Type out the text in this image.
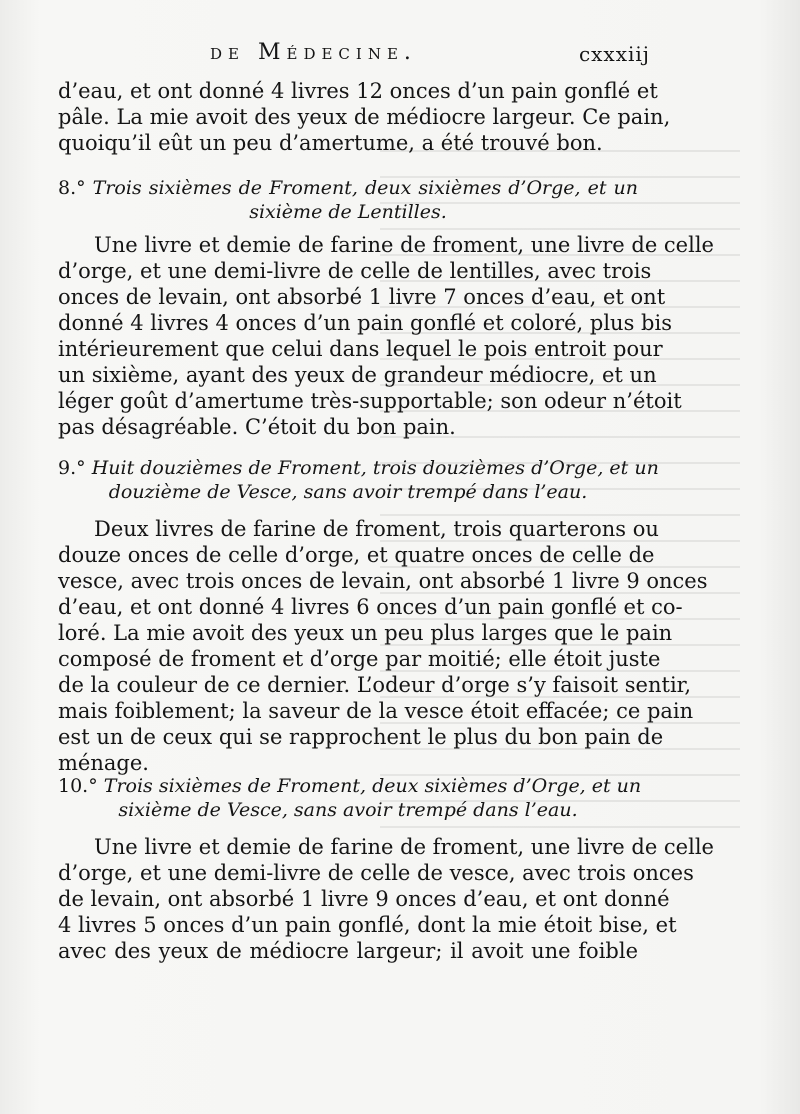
de Médecine.	cxxxiij
d’eau, et ont donné 4 livres 12 onces d’un pain gonflé et
pâle. La mie avoit des yeux de médiocre largeur. Ce pain,
quoiqu’il eût un peu d’amertume, a été trouvé bon.
8.° Trois sixièmes de Froment, deux sixièmes d’Orge, et un
sixième de Lentilles.
Une livre et demie de farine de froment, une livre de celle
d’orge, et une demi-livre de celle de lentilles, avec trois
onces de levain, ont absorbé 1 livre 7 onces d’eau, et ont
donné 4 livres 4 onces d’un pain gonflé et coloré, plus bis
intérieurement que celui dans lequel le pois entroit pour
un sixième, ayant des yeux de grandeur médiocre, et un
léger goût d’amertume très-supportable; son odeur n’étoit
pas désagréable. C’étoit du bon pain.
9.° Huit douzièmes de Froment, trois douzièmes d’Orge, et un
douzième de Vesce, sans avoir trempé dans l’eau.
Deux livres de farine de froment, trois quarterons ou
douze onces de celle d’orge, et quatre onces de celle de
vesce, avec trois onces de levain, ont absorbé 1 livre 9 onces
d’eau, et ont donné 4 livres 6 onces d’un pain gonflé et co-
loré. La mie avoit des yeux un peu plus larges que le pain
composé de froment et d’orge par moitié; elle étoit juste
de la couleur de ce dernier. L’odeur d’orge s’y faisoit sentir,
mais foiblement; la saveur de la vesce étoit effacée; ce pain
est un de ceux qui se rapprochent le plus du bon pain de
ménage.
10.° Trois sixièmes de Froment, deux sixièmes d’Orge, et un
sixième de Vesce, sans avoir trempé dans l’eau.
Une livre et demie de farine de froment, une livre de celle
d’orge, et une demi-livre de celle de vesce, avec trois onces
de levain, ont absorbé 1 livre 9 onces d’eau, et ont donné
4 livres 5 onces d’un pain gonflé, dont la mie étoit bise, et
avec des yeux de médiocre largeur; il avoit une foible
